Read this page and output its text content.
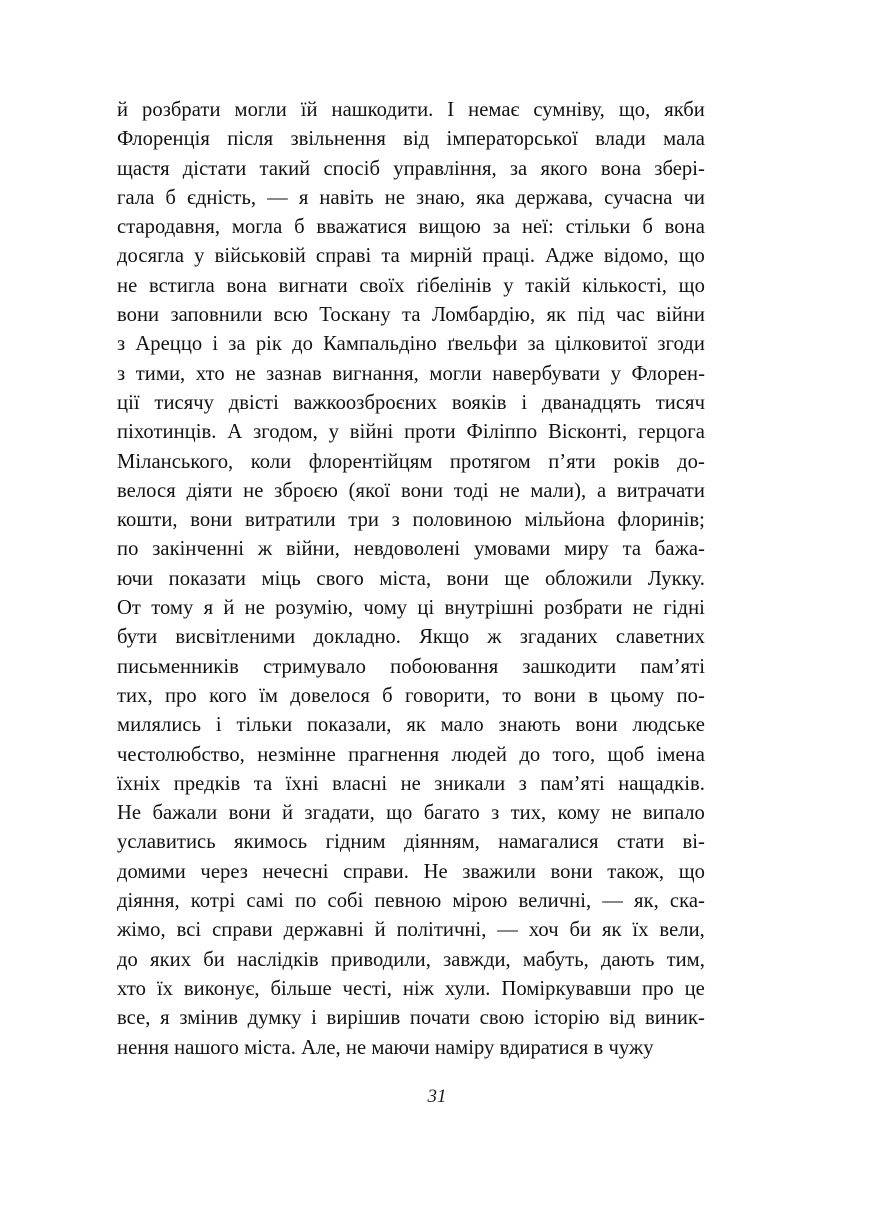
й розбрати могли їй нашкодити. І немає сумніву, що, якби
Флоренція після звільнення від імператорської влади мала
щастя дістати такий спосіб управління, за якого вона зберi-
гала б єдність, — я навіть не знаю, яка держава, сучасна чи
стародавня, могла б вважатися вищою за неї: стільки б вона
досягла у військовій справі та мирній праці. Адже відомо, що
не встигла вона вигнати своїх ґібелінів у такій кількості, що
вони заповнили всю Тоскану та Ломбардію, як під час війни
з Ареццо і за рік до Кампальдіно ґвельфи за цілковитої згоди
з тими, хто не зазнав вигнання, могли навербувати у Флорен-
ції тисячу двісті важкоозброєних вояків і дванадцять тисяч
піхотинців. А згодом, у війні проти Філіппо Вісконті, герцога
Міланського, коли флорентійцям протягом п’яти років до-
велося діяти не зброєю (якої вони тоді не мали), а витрачати
кошти, вони витратили три з половиною мільйона флоринів;
по закінченні ж війни, невдоволені умовами миру та бажа-
ючи показати міць свого міста, вони ще обложили Лукку.
От тому я й не розумію, чому ці внутрішні розбрати не гідні
бути висвітленими докладно. Якщо ж згаданих славетних
письменників стримувало побоювання зашкодити пам’яті
тих, про кого їм довелося б говорити, то вони в цьому по-
милялись і тільки показали, як мало знають вони людське
честолюбство, незмінне прагнення людей до того, щоб імена
їхніх предків та їхні власні не зникали з пам’яті нащадків.
Не бажали вони й згадати, що багато з тих, кому не випало
уславитись якимось гідним діянням, намагалися стати ві-
домими через нечесні справи. Не зважили вони також, що
діяння, котрі самі по собі певною мірою величні, — як, ска-
жімо, всі справи державні й політичні, — хоч би як їх вели,
до яких би наслідків приводили, завжди, мабуть, дають тим,
хто їх виконує, більше честі, ніж хули. Поміркувавши про це
все, я змінив думку і вирішив почати свою історію від виник-
нення нашого міста. Але, не маючи наміру вдиратися в чужу
31
